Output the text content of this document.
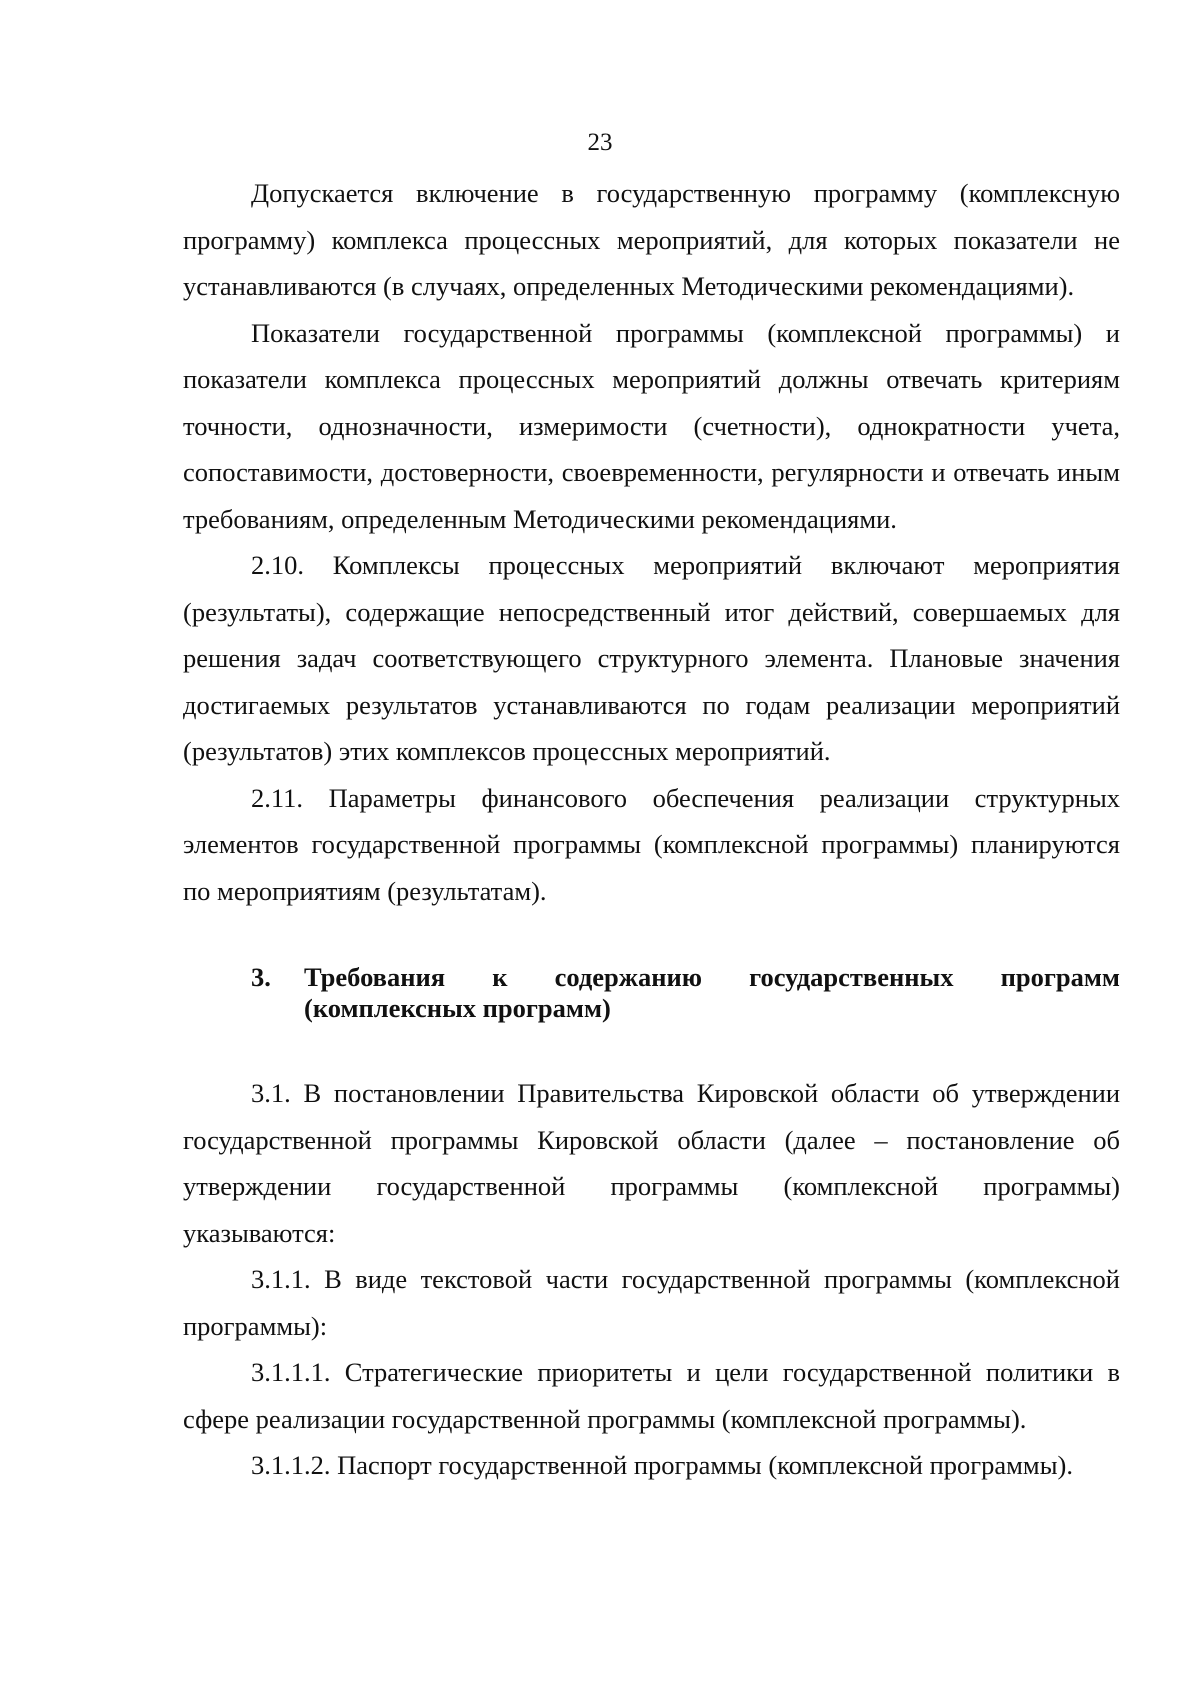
23

Допускается включение в государственную программу (комплексную программу) комплекса процессных мероприятий, для которых показатели не устанавливаются (в случаях, определенных Методическими рекомендациями).

Показатели государственной программы (комплексной программы) и показатели комплекса процессных мероприятий должны отвечать критериям точности, однозначности, измеримости (счетности), однократности учета, сопоставимости, достоверности, своевременности, регулярности и отвечать иным требованиям, определенным Методическими рекомендациями.

2.10. Комплексы процессных мероприятий включают мероприятия (результаты), содержащие непосредственный итог действий, совершаемых для решения задач соответствующего структурного элемента. Плановые значения достигаемых результатов устанавливаются по годам реализации мероприятий (результатов) этих комплексов процессных мероприятий.

2.11. Параметры финансового обеспечения реализации структурных элементов государственной программы (комплексной программы) планируются по мероприятиям (результатам).

3.	Требования к содержанию государственных программ (комплексных программ)

3.1. В постановлении Правительства Кировской области об утверждении государственной программы Кировской области (далее – постановление об утверждении государственной программы (комплексной программы) указываются:

3.1.1. В виде текстовой части государственной программы (комплексной программы):

3.1.1.1. Стратегические приоритеты и цели государственной политики в сфере реализации государственной программы (комплексной программы).

3.1.1.2. Паспорт государственной программы (комплексной программы).
